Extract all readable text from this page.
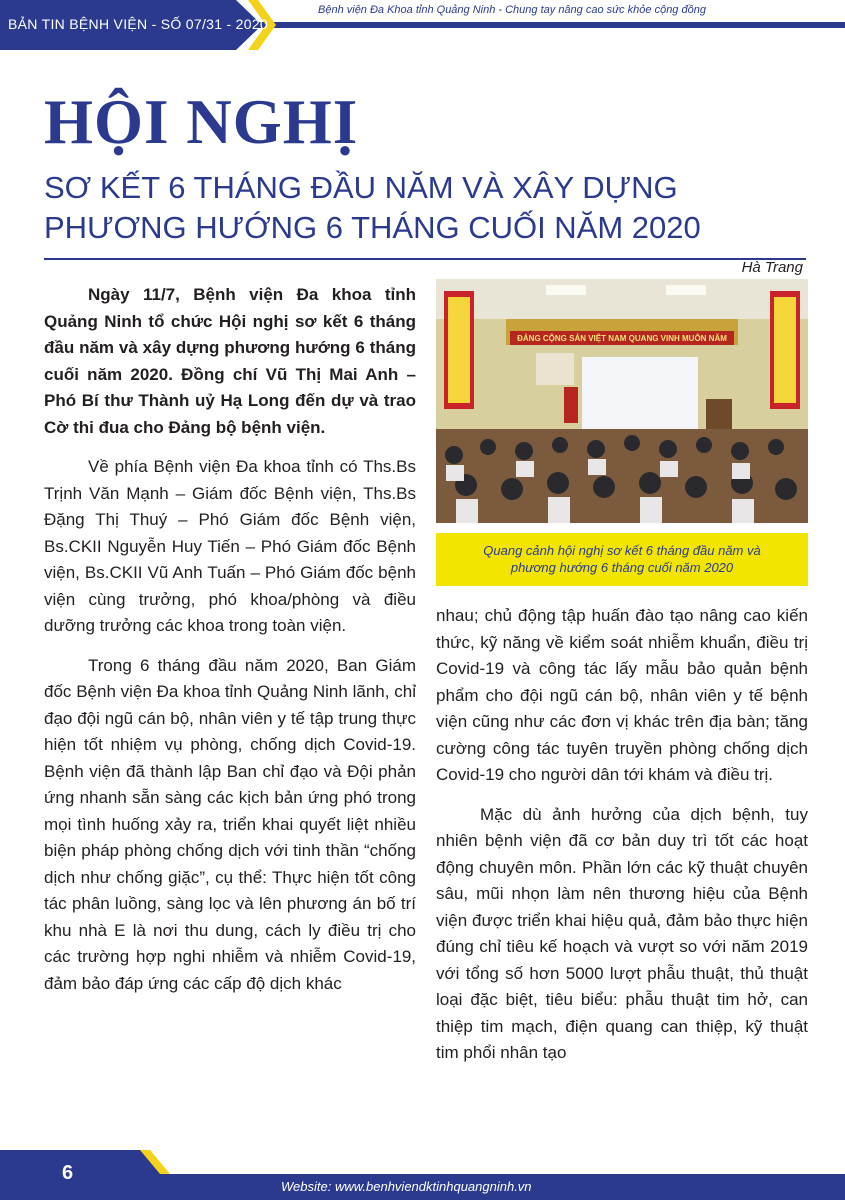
BẢN TIN BỆNH VIỆN - SỐ 07/31 - 2020
Bệnh viện Đa Khoa tỉnh Quảng Ninh - Chung tay nâng cao sức khỏe cộng đồng
HỘI NGHỊ
SƠ KẾT 6 THÁNG ĐẦU NĂM VÀ XÂY DỰNG PHƯƠNG HƯỚNG 6 THÁNG CUỐI NĂM 2020
Hà Trang

Ngày 11/7, Bệnh viện Đa khoa tỉnh Quảng Ninh tổ chức Hội nghị sơ kết 6 tháng đầu năm và xây dựng phương hướng 6 tháng cuối năm 2020. Đồng chí Vũ Thị Mai Anh – Phó Bí thư Thành uỷ Hạ Long đến dự và trao Cờ thi đua cho Đảng bộ bệnh viện.

Về phía Bệnh viện Đa khoa tỉnh có Ths.Bs Trịnh Văn Mạnh – Giám đốc Bệnh viện, Ths.Bs Đặng Thị Thuý – Phó Giám đốc Bệnh viện, Bs.CKII Nguyễn Huy Tiến – Phó Giám đốc Bệnh viện, Bs.CKII Vũ Anh Tuấn – Phó Giám đốc bệnh viện cùng trưởng, phó khoa/phòng và điều dưỡng trưởng các khoa trong toàn viện.

Trong 6 tháng đầu năm 2020, Ban Giám đốc Bệnh viện Đa khoa tỉnh Quảng Ninh lãnh, chỉ đạo đội ngũ cán bộ, nhân viên y tế tập trung thực hiện tốt nhiệm vụ phòng, chống dịch Covid-19. Bệnh viện đã thành lập Ban chỉ đạo và Đội phản ứng nhanh sẵn sàng các kịch bản ứng phó trong mọi tình huống xảy ra, triển khai quyết liệt nhiều biện pháp phòng chống dịch với tinh thần “chống dịch như chống giặc”, cụ thể: Thực hiện tốt công tác phân luồng, sàng lọc và lên phương án bố trí khu nhà E là nơi thu dung, cách ly điều trị cho các trường hợp nghi nhiễm và nhiễm Covid-19, đảm bảo đáp ứng các cấp độ dịch khác

ĐẢNG CỘNG SẢN VIỆT NAM QUANG VINH MUÔN NĂM
Quang cảnh hội nghị sơ kết 6 tháng đầu năm và phương hướng 6 tháng cuối năm 2020

nhau; chủ động tập huấn đào tạo nâng cao kiến thức, kỹ năng về kiểm soát nhiễm khuẩn, điều trị Covid-19 và công tác lấy mẫu bảo quản bệnh phẩm cho đội ngũ cán bộ, nhân viên y tế bệnh viện cũng như các đơn vị khác trên địa bàn; tăng cường công tác tuyên truyền phòng chống dịch Covid-19 cho người dân tới khám và điều trị.

Mặc dù ảnh hưởng của dịch bệnh, tuy nhiên bệnh viện đã cơ bản duy trì tốt các hoạt động chuyên môn. Phần lớn các kỹ thuật chuyên sâu, mũi nhọn làm nên thương hiệu của Bệnh viện được triển khai hiệu quả, đảm bảo thực hiện đúng chỉ tiêu kế hoạch và vượt so với năm 2019 với tổng số hơn 5000 lượt phẫu thuật, thủ thuật loại đặc biệt, tiêu biểu: phẫu thuật tim hở, can thiệp tim mạch, điện quang can thiệp, kỹ thuật tim phổi nhân tạo

6
Website: www.benhviendktinhquangninh.vn
